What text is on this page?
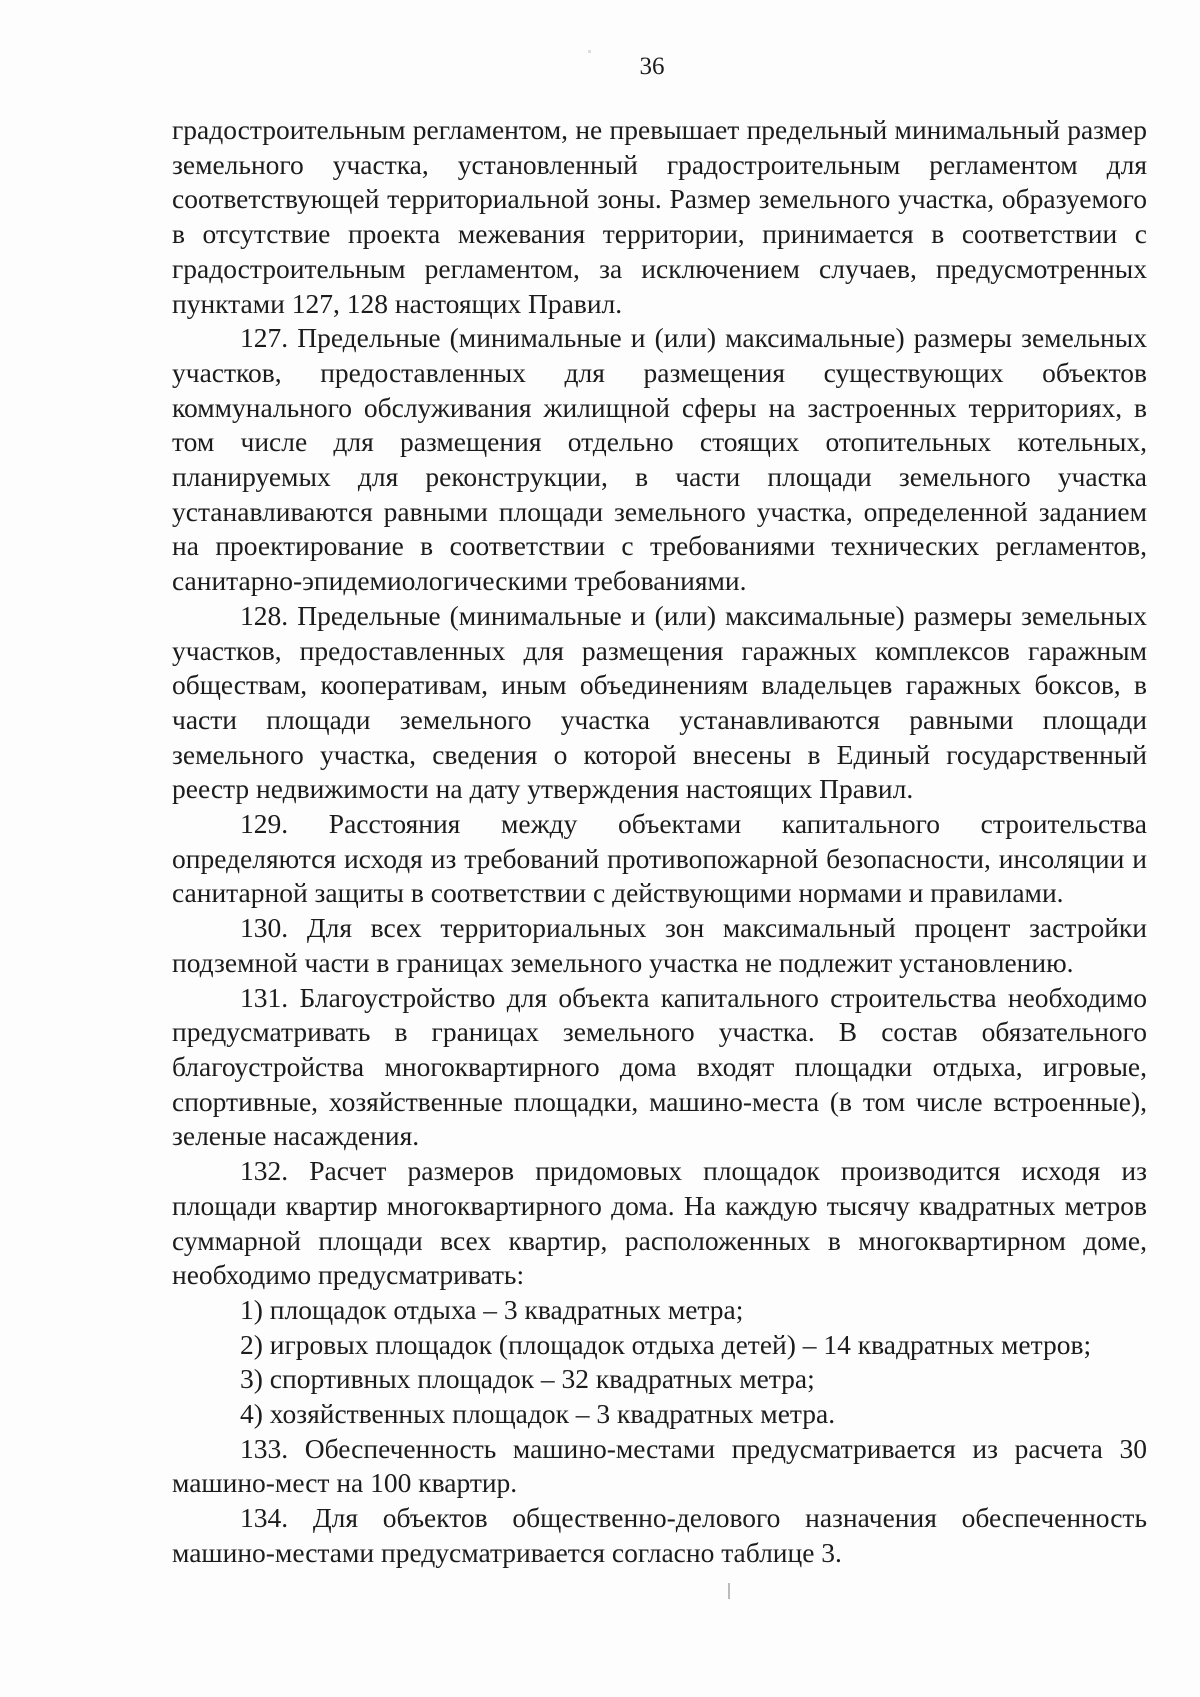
36

градостроительным регламентом, не превышает предельный минимальный размер земельного участка, установленный градостроительным регламентом для соответствующей территориальной зоны. Размер земельного участка, образуемого в отсутствие проекта межевания территории, принимается в соответствии с градостроительным регламентом, за исключением случаев, предусмотренных пунктами 127, 128 настоящих Правил.

127. Предельные (минимальные и (или) максимальные) размеры земельных участков, предоставленных для размещения существующих объектов коммунального обслуживания жилищной сферы на застроенных территориях, в том числе для размещения отдельно стоящих отопительных котельных, планируемых для реконструкции, в части площади земельного участка устанавливаются равными площади земельного участка, определенной заданием на проектирование в соответствии с требованиями технических регламентов, санитарно-эпидемиологическими требованиями.

128. Предельные (минимальные и (или) максимальные) размеры земельных участков, предоставленных для размещения гаражных комплексов гаражным обществам, кооперативам, иным объединениям владельцев гаражных боксов, в части площади земельного участка устанавливаются равными площади земельного участка, сведения о которой внесены в Единый государственный реестр недвижимости на дату утверждения настоящих Правил.

129. Расстояния между объектами капитального строительства определяются исходя из требований противопожарной безопасности, инсоляции и санитарной защиты в соответствии с действующими нормами и правилами.

130. Для всех территориальных зон максимальный процент застройки подземной части в границах земельного участка не подлежит установлению.

131. Благоустройство для объекта капитального строительства необходимо предусматривать в границах земельного участка. В состав обязательного благоустройства многоквартирного дома входят площадки отдыха, игровые, спортивные, хозяйственные площадки, машино-места (в том числе встроенные), зеленые насаждения.

132. Расчет размеров придомовых площадок производится исходя из площади квартир многоквартирного дома. На каждую тысячу квадратных метров суммарной площади всех квартир, расположенных в многоквартирном доме, необходимо предусматривать:

1) площадок отдыха – 3 квадратных метра;

2) игровых площадок (площадок отдыха детей) – 14 квадратных метров;

3) спортивных площадок – 32 квадратных метра;

4) хозяйственных площадок – 3 квадратных метра.

133. Обеспеченность машино-местами предусматривается из расчета 30 машино-мест на 100 квартир.

134. Для объектов общественно-делового назначения обеспеченность машино-местами предусматривается согласно таблице 3.
